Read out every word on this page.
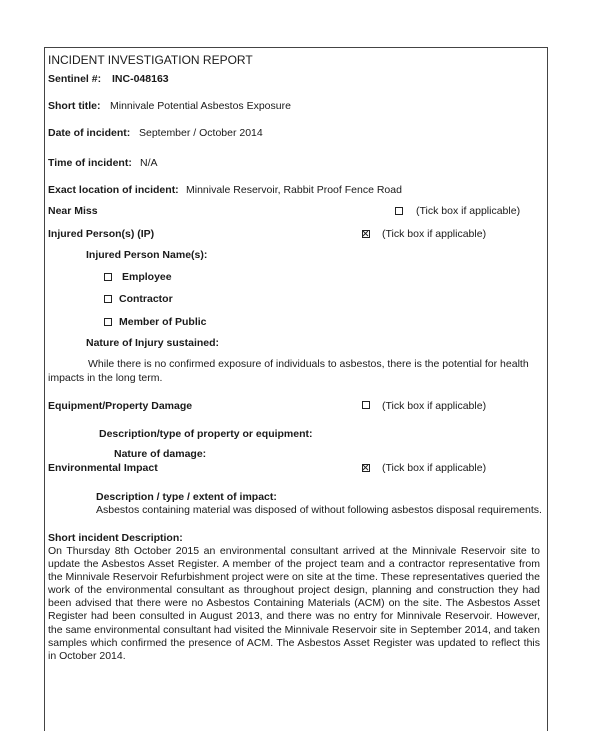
INCIDENT INVESTIGATION REPORT
Sentinel #: INC-048163
Short title: Minnivale Potential Asbestos Exposure
Date of incident: September / October 2014
Time of incident: N/A
Exact location of incident: Minnivale Reservoir, Rabbit Proof Fence Road
Near Miss	(Tick box if applicable)
Injured Person(s) (IP)	(Tick box if applicable)
Injured Person Name(s):
Employee
Contractor
Member of Public
Nature of Injury sustained:
While there is no confirmed exposure of individuals to asbestos, there is the potential for health
impacts in the long term.
Equipment/Property Damage	(Tick box if applicable)
Description/type of property or equipment:
Nature of damage:
Environmental Impact	(Tick box if applicable)
Description / type / extent of impact:
Asbestos containing material was disposed of without following asbestos disposal requirements.
Short incident Description:
On Thursday 8th October 2015 an environmental consultant arrived at the Minnivale Reservoir site to update the Asbestos Asset Register. A member of the project team and a contractor representative from the Minnivale Reservoir Refurbishment project were on site at the time. These representatives queried the work of the environmental consultant as throughout project design, planning and construction they had been advised that there were no Asbestos Containing Materials (ACM) on the site. The Asbestos Asset Register had been consulted in August 2013, and there was no entry for Minnivale Reservoir. However, the same environmental consultant had visited the Minnivale Reservoir site in September 2014, and taken samples which confirmed the presence of ACM. The Asbestos Asset Register was updated to reflect this in October 2014.
